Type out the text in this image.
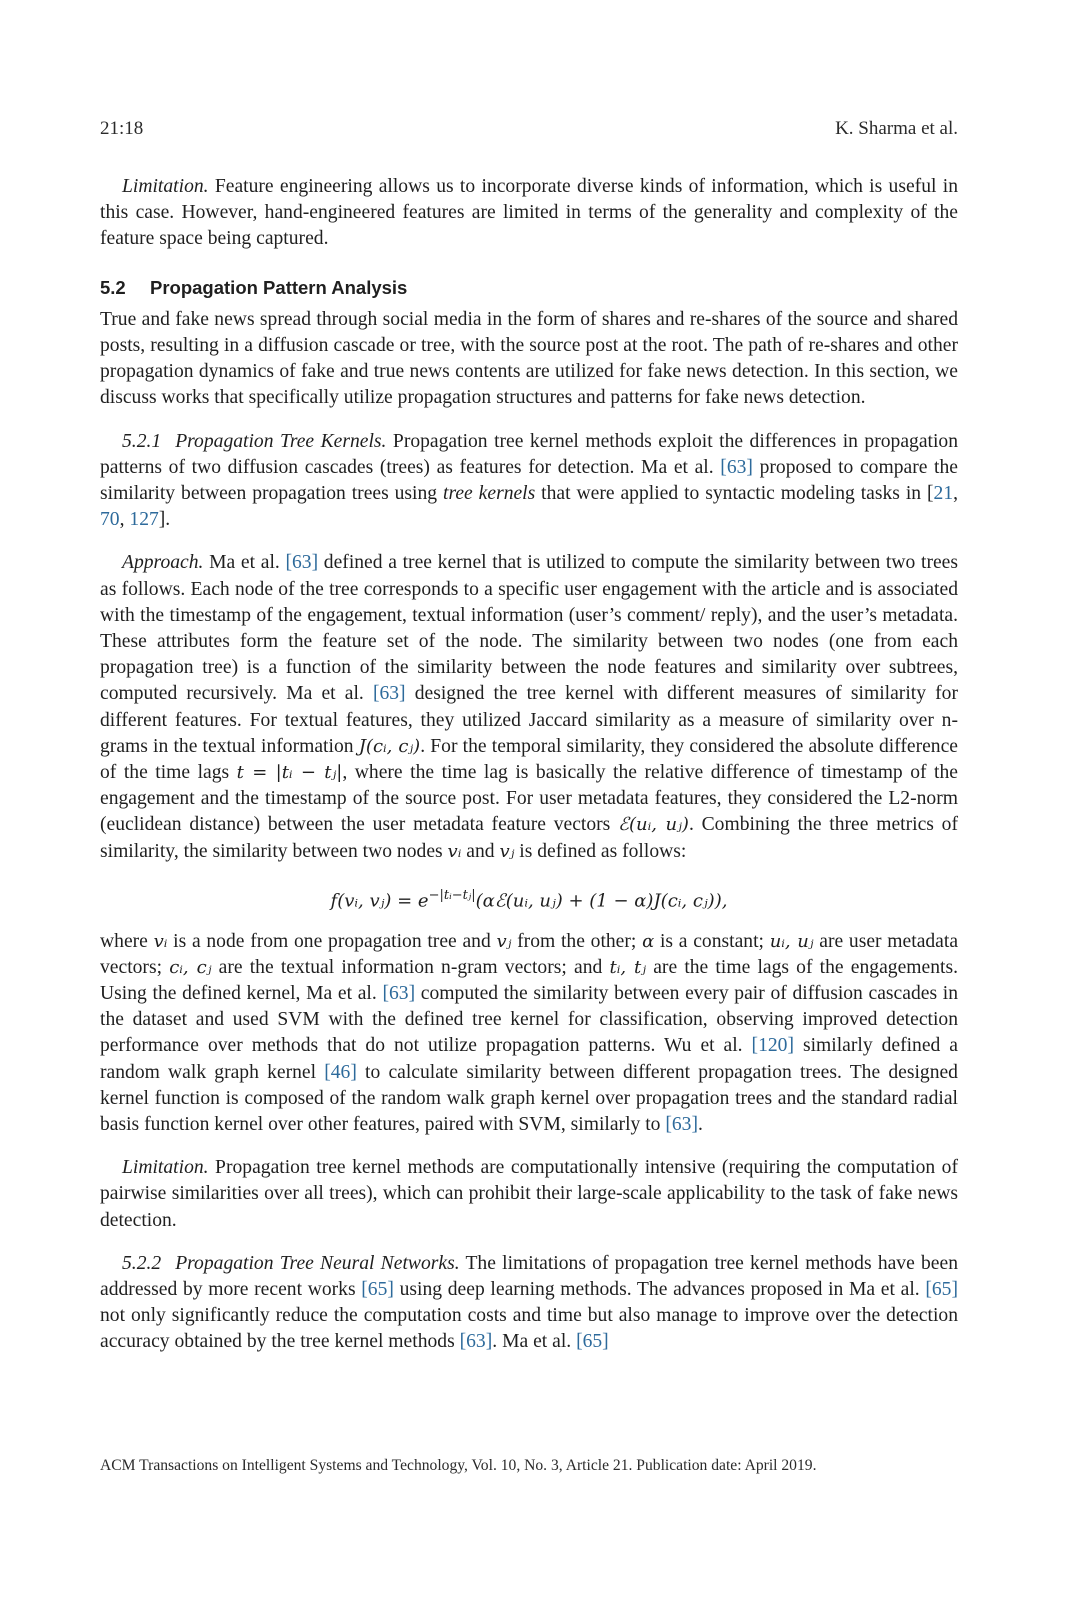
21:18	K. Sharma et al.

Limitation. Feature engineering allows us to incorporate diverse kinds of information, which is useful in this case. However, hand-engineered features are limited in terms of the generality and complexity of the feature space being captured.

5.2 Propagation Pattern Analysis

True and fake news spread through social media in the form of shares and re-shares of the source and shared posts, resulting in a diffusion cascade or tree, with the source post at the root. The path of re-shares and other propagation dynamics of fake and true news contents are utilized for fake news detection. In this section, we discuss works that specifically utilize propagation structures and patterns for fake news detection.

5.2.1 Propagation Tree Kernels. Propagation tree kernel methods exploit the differences in propagation patterns of two diffusion cascades (trees) as features for detection. Ma et al. [63] proposed to compare the similarity between propagation trees using tree kernels that were applied to syntactic modeling tasks in [21, 70, 127].

Approach. Ma et al. [63] defined a tree kernel that is utilized to compute the similarity between two trees as follows. Each node of the tree corresponds to a specific user engagement with the article and is associated with the timestamp of the engagement, textual information (user’s comment/ reply), and the user’s metadata. These attributes form the feature set of the node. The similarity between two nodes (one from each propagation tree) is a function of the similarity between the node features and similarity over subtrees, computed recursively. Ma et al. [63] designed the tree kernel with different measures of similarity for different features. For textual features, they utilized Jaccard similarity as a measure of similarity over n-grams in the textual information J(cᵢ, cⱼ). For the temporal similarity, they considered the absolute difference of the time lags t = |tᵢ − tⱼ|, where the time lag is basically the relative difference of timestamp of the engagement and the timestamp of the source post. For user metadata features, they considered the L2-norm (euclidean distance) between the user metadata feature vectors ℰ(uᵢ, uⱼ). Combining the three metrics of similarity, the similarity between two nodes vᵢ and vⱼ is defined as follows:

f(vᵢ, vⱼ) = $e^{-|tᵢ-tⱼ|}(\alpha ℰ(uᵢ$, uⱼ) + (1 − α)J(cᵢ, cⱼ)),

where vᵢ is a node from one propagation tree and vⱼ from the other; α is a constant; uᵢ, uⱼ are user metadata vectors; cᵢ, cⱼ are the textual information n-gram vectors; and tᵢ, tⱼ are the time lags of the engagements. Using the defined kernel, Ma et al. [63] computed the similarity between every pair of diffusion cascades in the dataset and used SVM with the defined tree kernel for classification, observing improved detection performance over methods that do not utilize propagation patterns. Wu et al. [120] similarly defined a random walk graph kernel [46] to calculate similarity between different propagation trees. The designed kernel function is composed of the random walk graph kernel over propagation trees and the standard radial basis function kernel over other features, paired with SVM, similarly to [63].

Limitation. Propagation tree kernel methods are computationally intensive (requiring the computation of pairwise similarities over all trees), which can prohibit their large-scale applicability to the task of fake news detection.

5.2.2 Propagation Tree Neural Networks. The limitations of propagation tree kernel methods have been addressed by more recent works [65] using deep learning methods. The advances proposed in Ma et al. [65] not only significantly reduce the computation costs and time but also manage to improve over the detection accuracy obtained by the tree kernel methods [63]. Ma et al. [65]

ACM Transactions on Intelligent Systems and Technology, Vol. 10, No. 3, Article 21. Publication date: April 2019.
